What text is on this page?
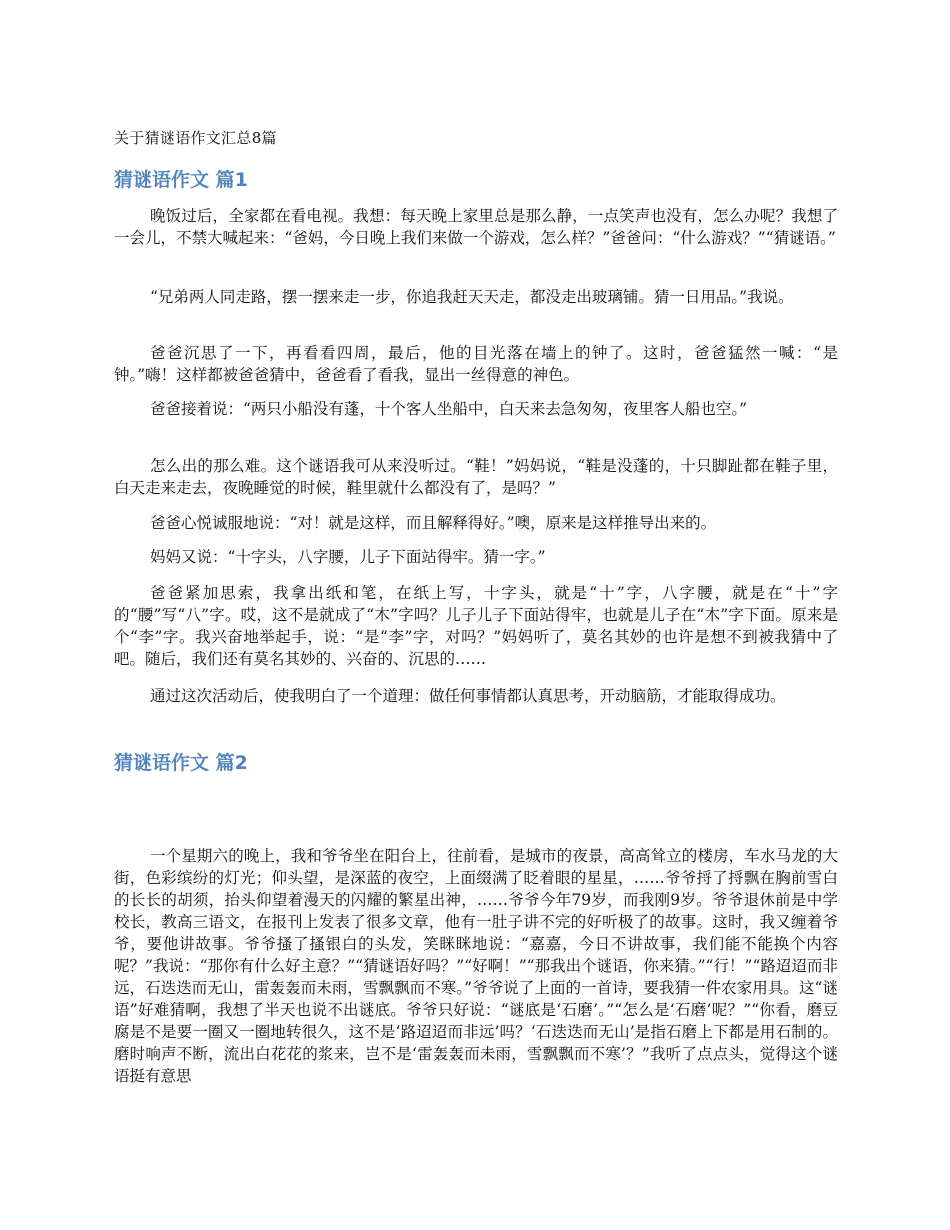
关于猜谜语作文汇总8篇
猜谜语作文 篇1

晚饭过后，全家都在看电视。我想：每天晚上家里总是那么静，一点笑声也没有，怎么办呢？我想了一会儿，不禁大喊起来：“爸妈，今日晚上我们来做一个游戏，怎么样？”爸爸问：“什么游戏？”“猜谜语。”

“兄弟两人同走路，摆一摆来走一步，你追我赶天天走，都没走出玻璃铺。猜一日用品。”我说。

爸爸沉思了一下，再看看四周，最后，他的目光落在墙上的钟了。这时，爸爸猛然一喊：“是钟。”嗨！这样都被爸爸猜中，爸爸看了看我，显出一丝得意的神色。

爸爸接着说：“两只小船没有蓬，十个客人坐船中，白天来去急匆匆，夜里客人船也空。”

怎么出的那么难。这个谜语我可从来没听过。“鞋！”妈妈说，“鞋是没蓬的，十只脚趾都在鞋子里，白天走来走去，夜晚睡觉的时候，鞋里就什么都没有了，是吗？”

爸爸心悦诚服地说：“对！就是这样，而且解释得好。”噢，原来是这样推导出来的。

妈妈又说：“十字头，八字腰，儿子下面站得牢。猜一字。”

爸爸紧加思索，我拿出纸和笔，在纸上写，十字头，就是“十”字，八字腰，就是在“十”字的“腰”写“八”字。哎，这不是就成了“木”字吗？儿子儿子下面站得牢，也就是儿子在“木”字下面。原来是个“李”字。我兴奋地举起手，说：“是“李”字，对吗？”妈妈听了，莫名其妙的也许是想不到被我猜中了吧。随后，我们还有莫名其妙的、兴奋的、沉思的……

通过这次活动后，使我明白了一个道理：做任何事情都认真思考，开动脑筋，才能取得成功。

猜谜语作文 篇2

一个星期六的晚上，我和爷爷坐在阳台上，往前看，是城市的夜景，高高耸立的楼房，车水马龙的大街，色彩缤纷的灯光；仰头望，是深蓝的夜空，上面缀满了眨着眼的星星，……爷爷捋了捋飘在胸前雪白的长长的胡须，抬头仰望着漫天的闪耀的繁星出神，……爷爷今年79岁，而我刚9岁。爷爷退休前是中学校长，教高三语文，在报刊上发表了很多文章，他有一肚子讲不完的好听极了的故事。这时，我又缠着爷爷，要他讲故事。爷爷搔了搔银白的头发，笑眯眯地说：“嘉嘉，今日不讲故事，我们能不能换个内容呢？”我说：“那你有什么好主意？”“猜谜语好吗？”“好啊！”“那我出个谜语，你来猜。”“行！”“路迢迢而非远，石迭迭而无山，雷轰轰而未雨，雪飘飘而不寒。”爷爷说了上面的一首诗，要我猜一件农家用具。这“谜语”好难猜啊，我想了半天也说不出谜底。爷爷只好说：“谜底是‘石磨’。”“怎么是‘石磨’呢？”“你看，磨豆腐是不是要一圈又一圈地转很久，这不是‘路迢迢而非远’吗？‘石迭迭而无山’是指石磨上下都是用石制的。磨时响声不断，流出白花花的浆来，岂不是‘雷轰轰而未雨，雪飘飘而不寒’？”我听了点点头，觉得这个谜语挺有意思
